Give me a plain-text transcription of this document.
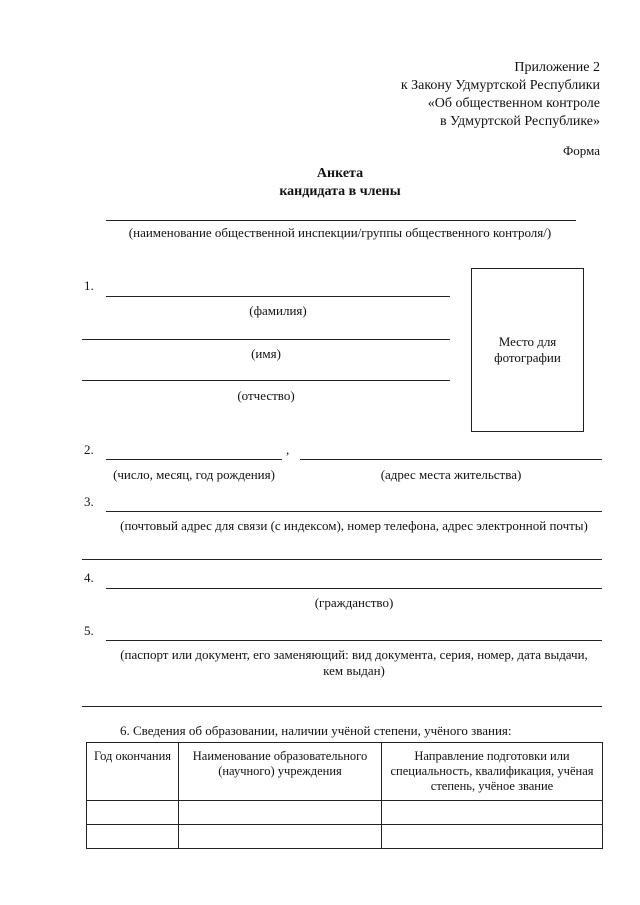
Приложение 2
к Закону Удмуртской Республики
«Об общественном контроле
в Удмуртской Республике»
Форма
Анкета
кандидата в члены
(наименование общественной инспекции/группы общественного контроля/)
1.
(фамилия)
(имя)
(отчество)
Место для
фотографии
2.	,
(число, месяц, год рождения)	(адрес места жительства)
3.
(почтовый адрес для связи (с индексом), номер телефона, адрес электронной почты)
4.
(гражданство)
5.
(паспорт или документ, его заменяющий: вид документа, серия, номер, дата выдачи,
кем выдан)
6. Сведения об образовании, наличии учёной степени, учёного звания:
Год окончания	Наименование образовательного (научного) учреждения	Направление подготовки или специальность, квалификация, учёная степень, учёное звание
